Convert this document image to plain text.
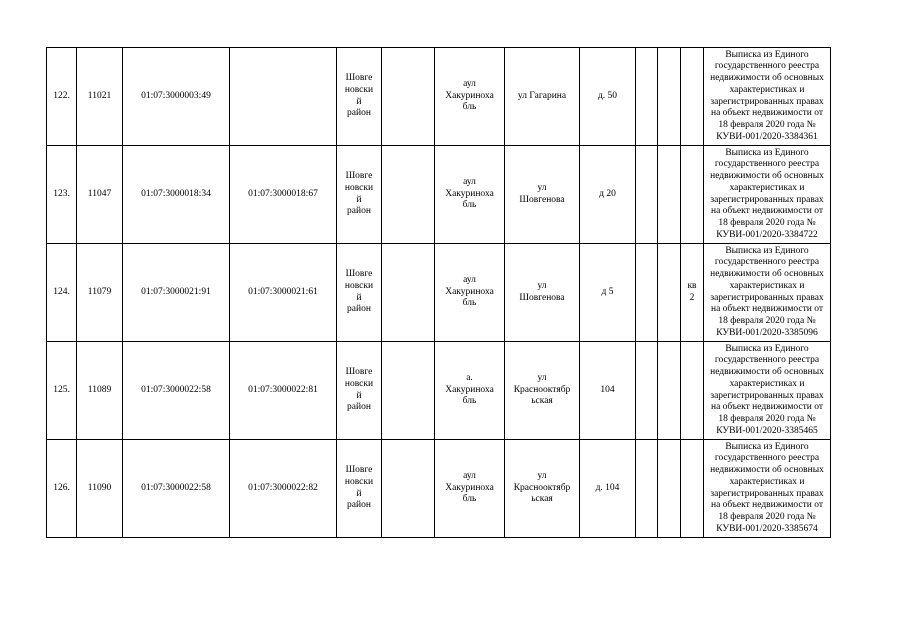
122.	11021	01:07:3000003:49		Шовге
новски
й
район		аул
Хакуриноха
бль	ул Гагарина	д. 50				Выписка из Единого государственного реестра недвижимости об основных характеристиках и зарегистрированных правах на объект недвижимости от 18 февраля 2020 года № КУВИ-001/2020-3384361
123.	11047	01:07:3000018:34	01:07:3000018:67	Шовге
новски
й
район		аул
Хакуриноха
бль	ул
Шовгенова	д 20				Выписка из Единого государственного реестра недвижимости об основных характеристиках и зарегистрированных правах на объект недвижимости от 18 февраля 2020 года № КУВИ-001/2020-3384722
124.	11079	01:07:3000021:91	01:07:3000021:61	Шовге
новски
й
район		аул
Хакуриноха
бль	ул
Шовгенова	д 5			кв
2	Выписка из Единого государственного реестра недвижимости об основных характеристиках и зарегистрированных правах на объект недвижимости от 18 февраля 2020 года № КУВИ-001/2020-3385096
125.	11089	01:07:3000022:58	01:07:3000022:81	Шовге
новски
й
район		а.
Хакуриноха
бль	ул
Краснооктябр
ьская	104				Выписка из Единого государственного реестра недвижимости об основных характеристиках и зарегистрированных правах на объект недвижимости от 18 февраля 2020 года № КУВИ-001/2020-3385465
126.	11090	01:07:3000022:58	01:07:3000022:82	Шовге
новски
й
район		аул
Хакуриноха
бль	ул
Краснооктябр
ьская	д. 104				Выписка из Единого государственного реестра недвижимости об основных характеристиках и зарегистрированных правах на объект недвижимости от 18 февраля 2020 года № КУВИ-001/2020-3385674
